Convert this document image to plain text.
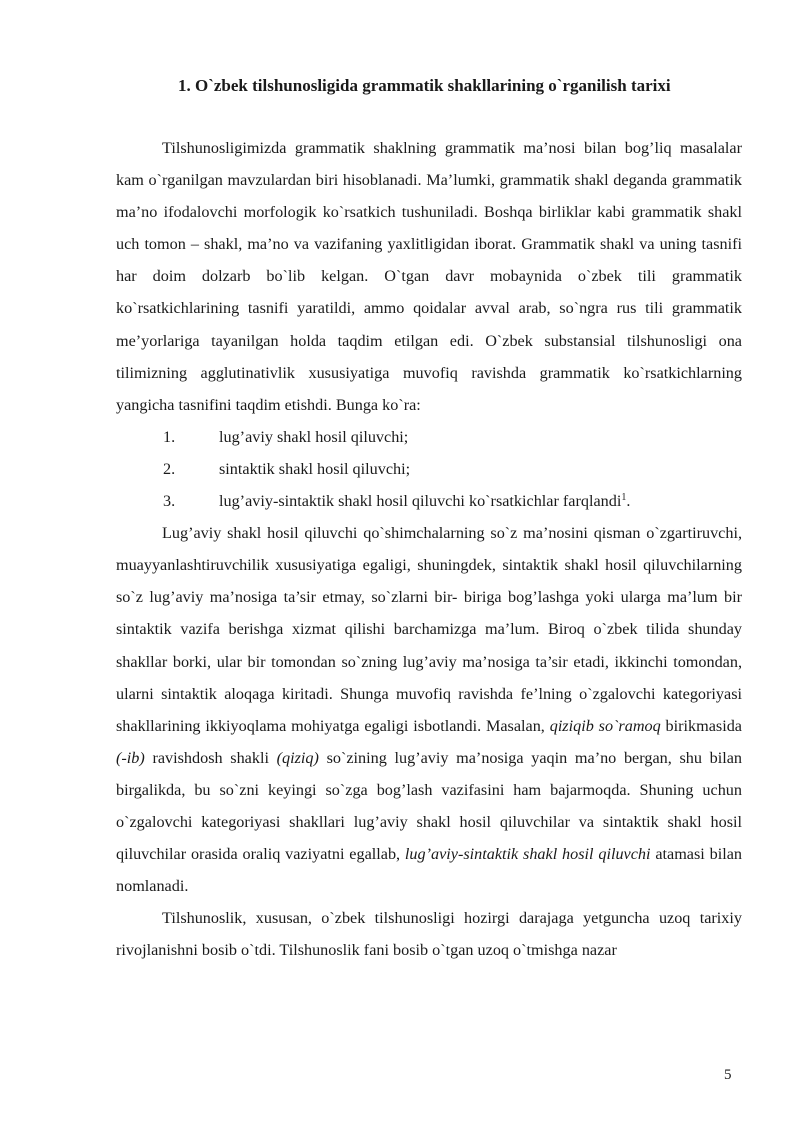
1. O`zbek tilshunosligida grammatik shakllarining o`rganilish tarixi

Tilshunosligimizda grammatik shaklning grammatik ma’nosi bilan bog’liq masalalar kam o`rganilgan mavzulardan biri hisoblanadi. Ma’lumki, grammatik shakl deganda grammatik ma’no ifodalovchi morfologik ko`rsatkich tushuniladi. Boshqa birliklar kabi grammatik shakl uch tomon – shakl, ma’no va vazifaning yaxlitligidan iborat. Grammatik shakl va uning tasnifi har doim dolzarb bo`lib kelgan. O`tgan davr mobaynida o`zbek tili grammatik ko`rsatkichlarining tasnifi yaratildi, ammo qoidalar avval arab, so`ngra rus tili grammatik me’yorlariga tayanilgan holda taqdim etilgan edi. O`zbek substansial tilshunosligi ona tilimizning agglutinativlik xususiyatiga muvofiq ravishda grammatik ko`rsatkichlarning yangicha tasnifini taqdim etishdi. Bunga ko`ra:

1.	lug’aviy shakl hosil qiluvchi;
2.	sintaktik shakl hosil qiluvchi;
3.	lug’aviy-sintaktik shakl hosil qiluvchi ko`rsatkichlar farqlandi$^1$.

Lug’aviy shakl hosil qiluvchi qo`shimchalarning so`z ma’nosini qisman o`zgartiruvchi, muayyanlashtiruvchilik xususiyatiga egaligi, shuningdek, sintaktik shakl hosil qiluvchilarning so`z lug’aviy ma’nosiga ta’sir etmay, so`zlarni bir- biriga bog’lashga yoki ularga ma’lum bir sintaktik vazifa berishga xizmat qilishi barchamizga ma’lum. Biroq o`zbek tilida shunday shakllar borki, ular bir tomondan so`zning lug’aviy ma’nosiga ta’sir etadi, ikkinchi tomondan, ularni sintaktik aloqaga kiritadi. Shunga muvofiq ravishda fe’lning o`zgalovchi kategoriyasi shakllarining ikkiyoqlama mohiyatga egaligi isbotlandi. Masalan, qiziqib so`ramoq birikmasida (-ib) ravishdosh shakli (qiziq) so`zining lug’aviy ma’nosiga yaqin ma’no bergan, shu bilan birgalikda, bu so`zni keyingi so`zga bog’lash vazifasini ham bajarmoqda. Shuning uchun o`zgalovchi kategoriyasi shakllari lug’aviy shakl hosil qiluvchilar va sintaktik shakl hosil qiluvchilar orasida oraliq vaziyatni egallab, lug’aviy-sintaktik shakl hosil qiluvchi atamasi bilan nomlanadi.

Tilshunoslik, xususan, o`zbek tilshunosligi hozirgi darajaga yetguncha uzoq tarixiy rivojlanishni bosib o`tdi. Tilshunoslik fani bosib o`tgan uzoq o`tmishga nazar

5
